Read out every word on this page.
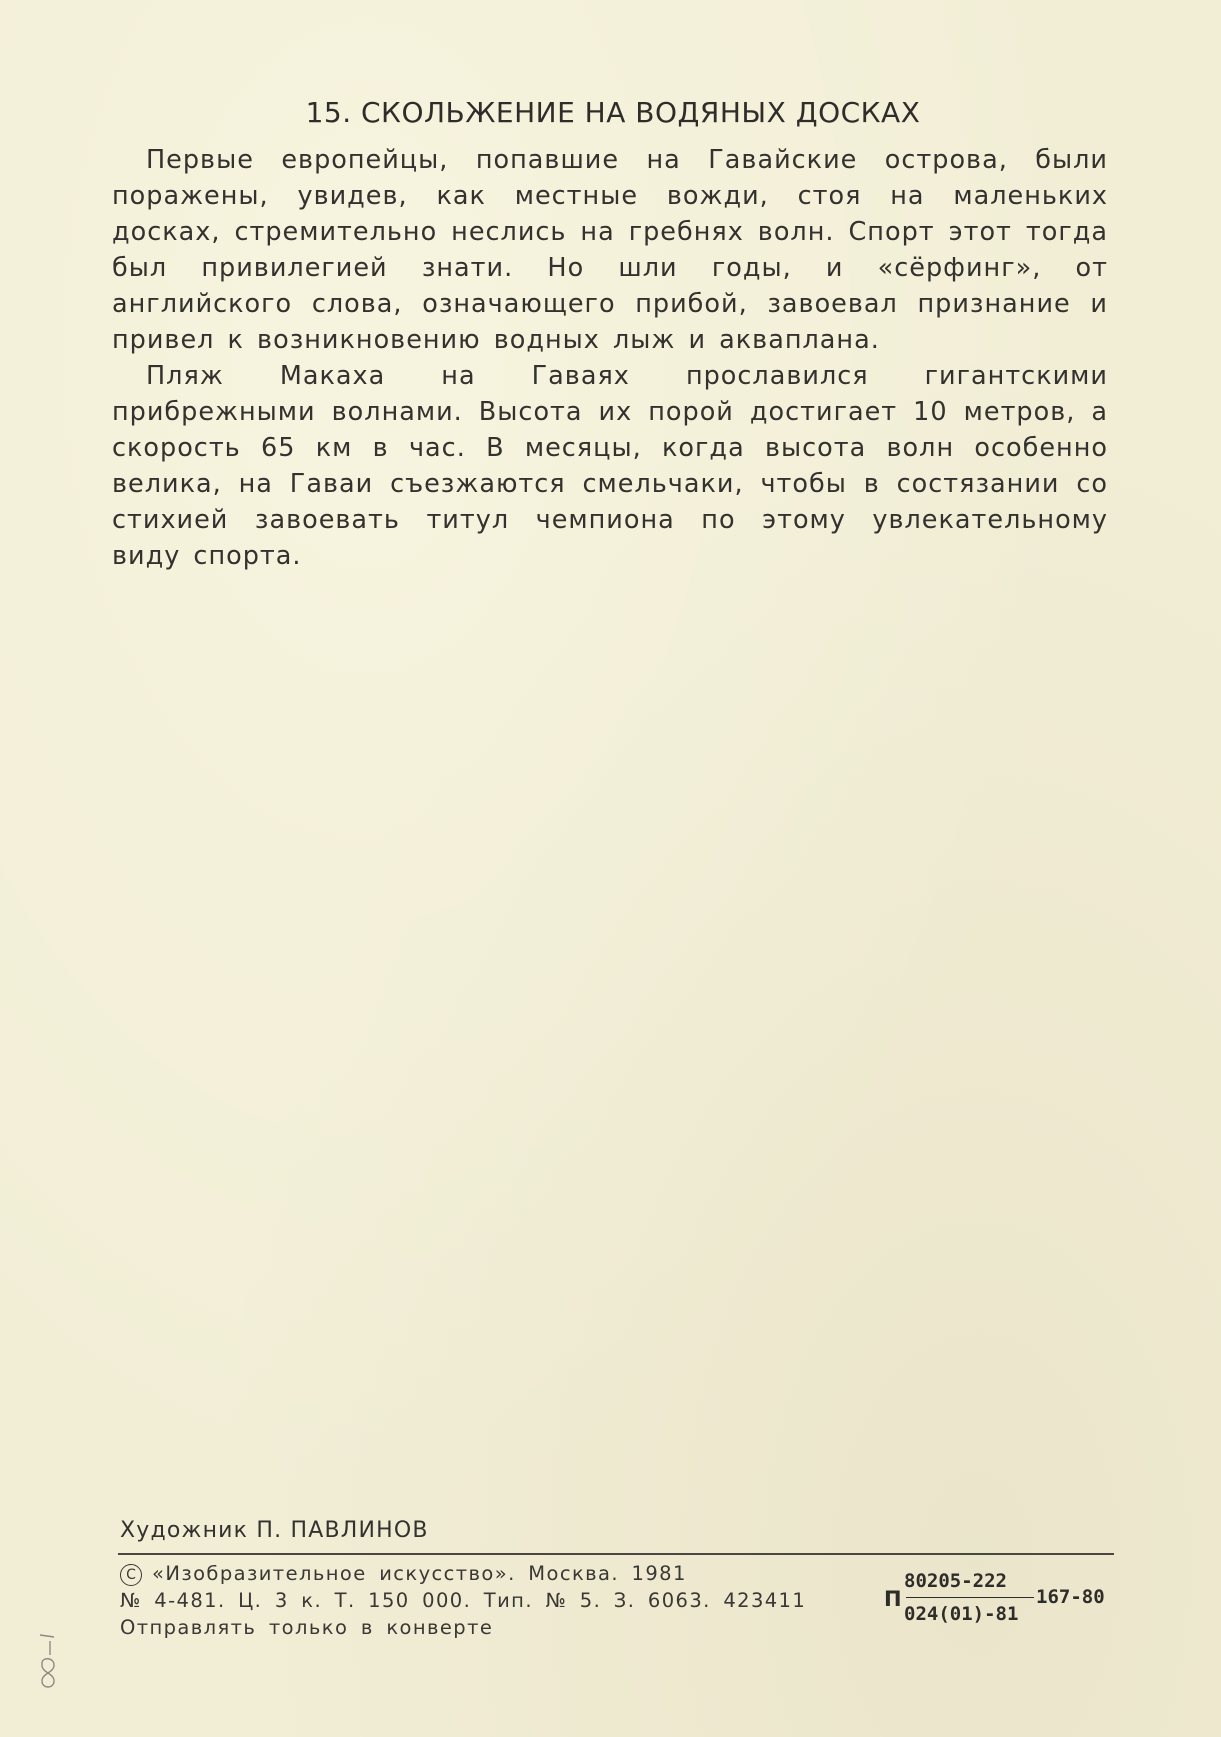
15. СКОЛЬЖЕНИЕ НА ВОДЯНЫХ ДОСКАХ

Первые европейцы, попавшие на Гавайские острова, были поражены, увидев, как местные вожди, стоя на маленьких досках, стремительно неслись на гребнях волн. Спорт этот тогда был привилегией знати. Но шли годы, и «сёрфинг», от английского слова, означающего прибой, завоевал признание и привел к возникновению водных лыж и акваплана.

Пляж Макаха на Гаваях прославился гигантскими прибрежными волнами. Высота их порой достигает 10 метров, а скорость 65 км в час. В месяцы, когда высота волн особенно велика, на Гаваи съезжаются смельчаки, чтобы в состязании со стихией завоевать титул чемпиона по этому увлекательному виду спорта.

Художник П. ПАВЛИНОВ
C «Изобразительное искусство». Москва. 1981
№ 4-481. Ц. 3 к. Т. 150 000. Тип. № 5. З. 6063. 423411
Отправлять только в конверте
П
80205-222
024(01)-81
167-80
